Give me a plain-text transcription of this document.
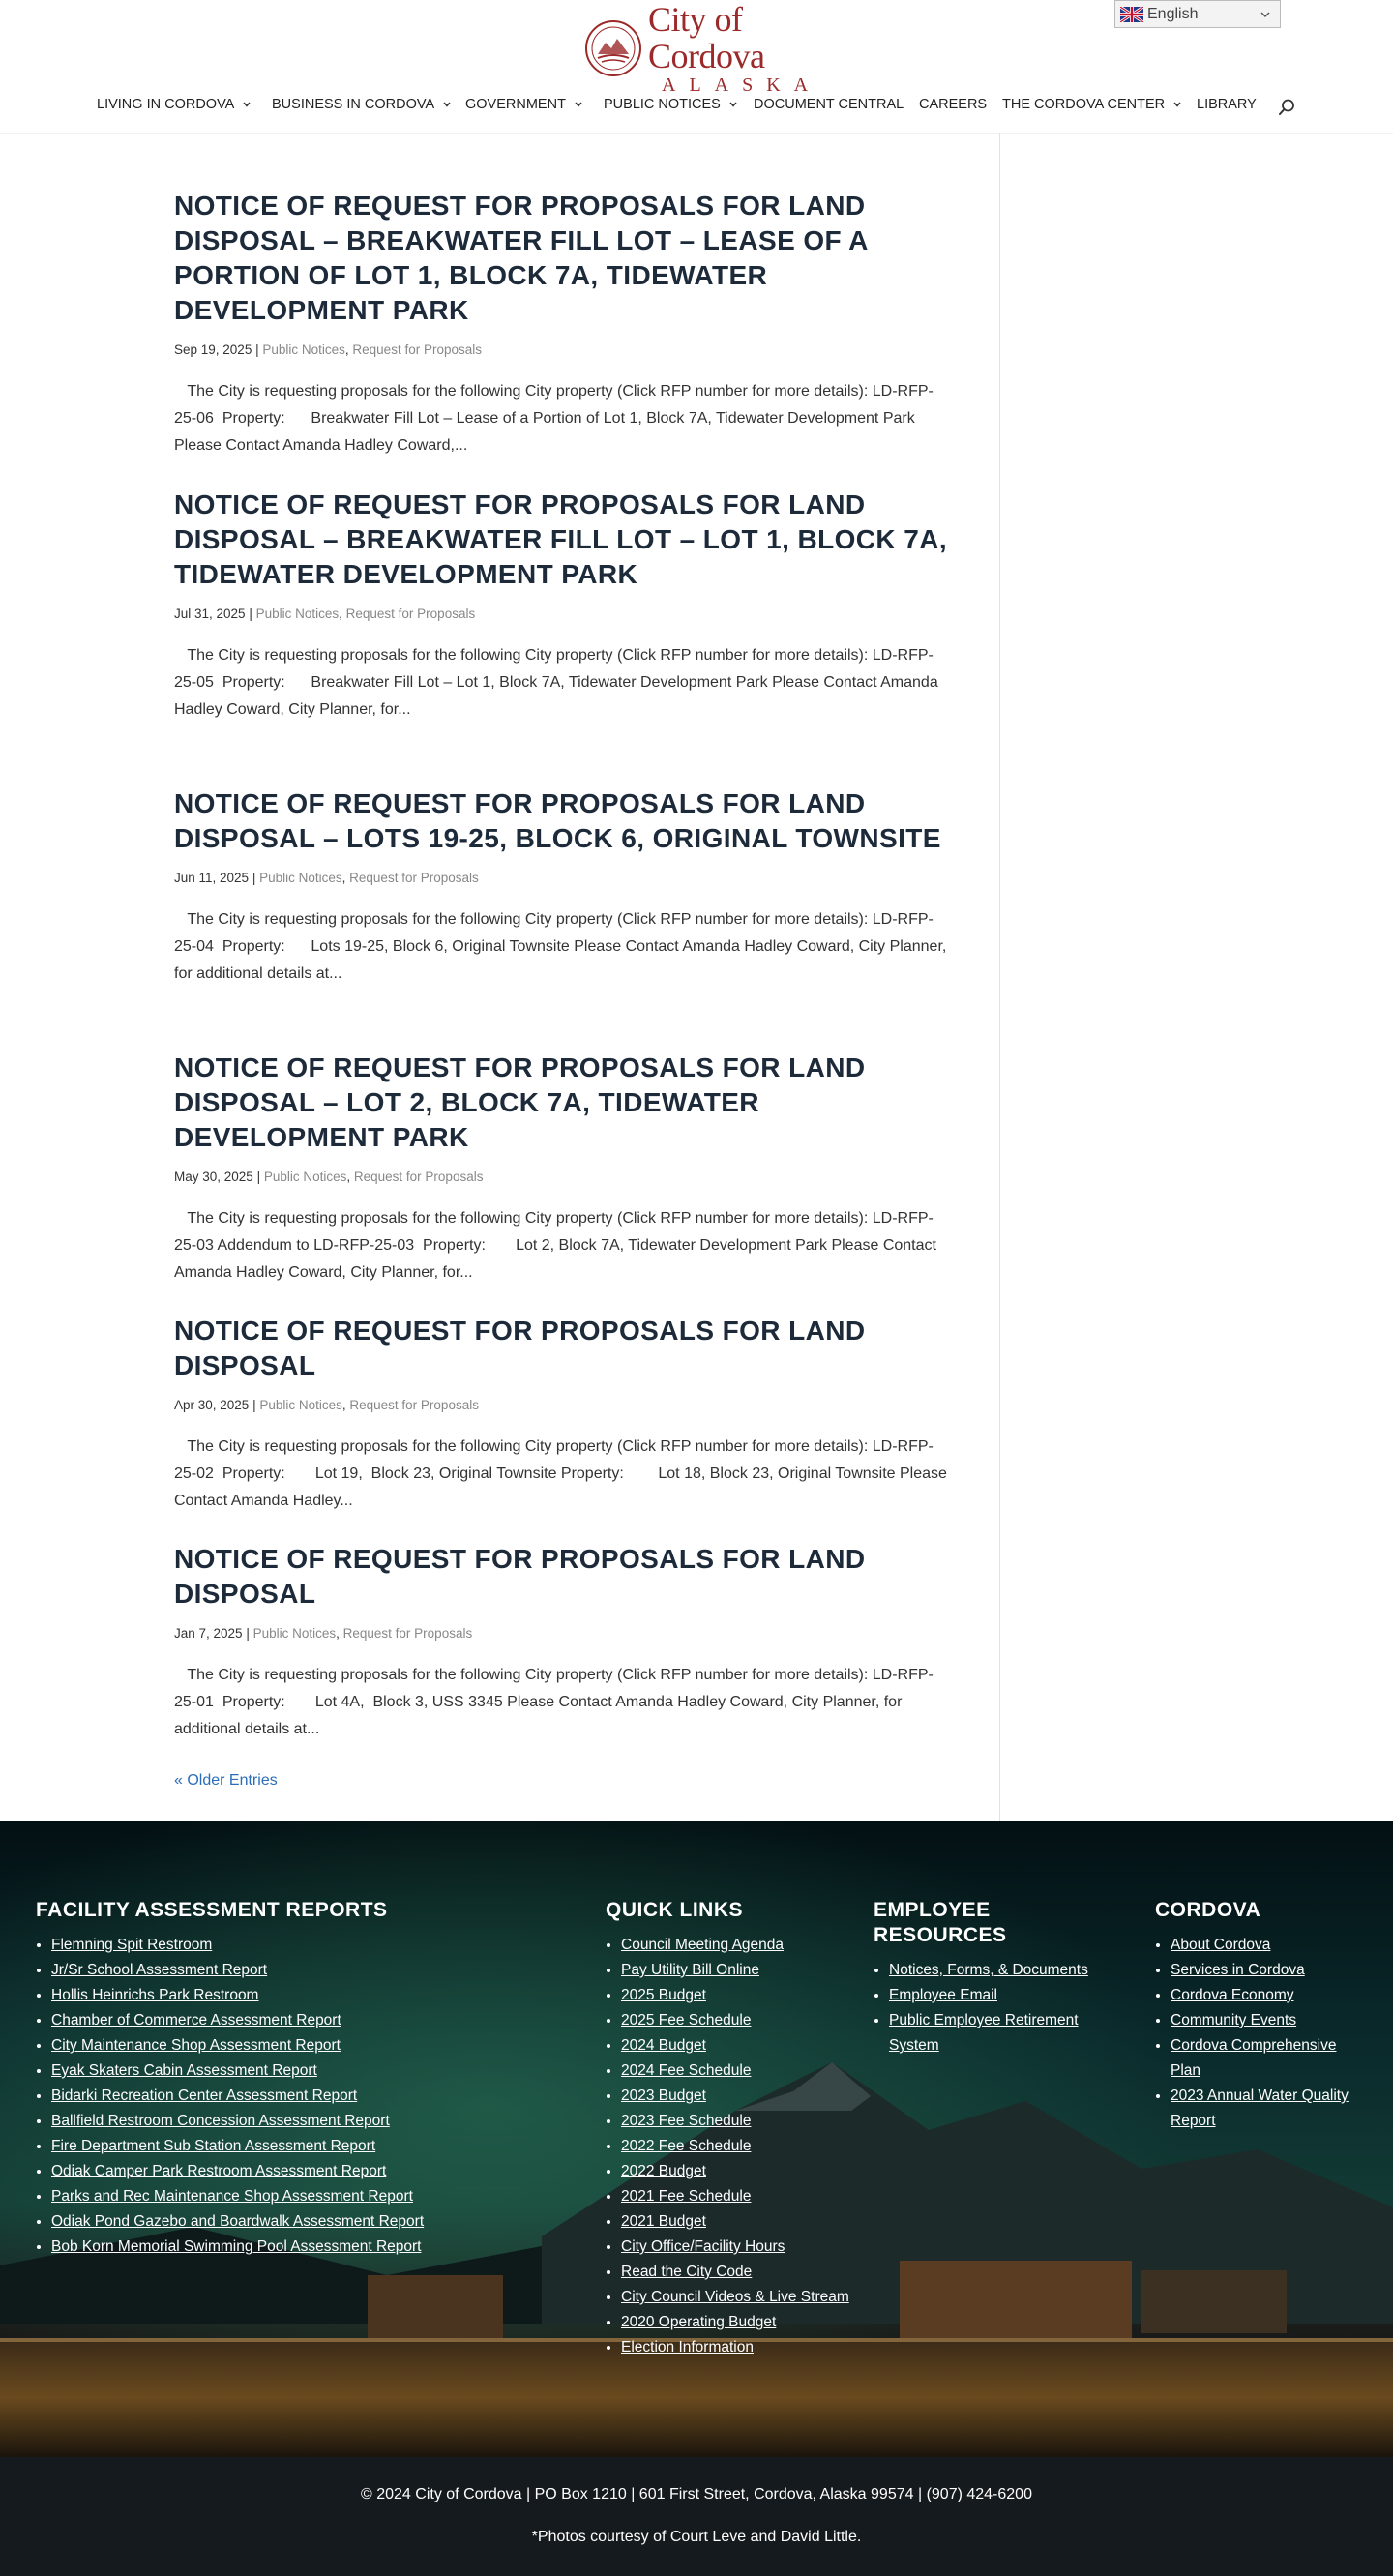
City of Cordova
ALASKA
English
LIVING IN CORDOVA	BUSINESS IN CORDOVA GOVERNMENT	PUBLIC NOTICES DOCUMENT CENTRAL CAREERS THE CORDOVA CENTER LIBRARY
NOTICE OF REQUEST FOR PROPOSALS FOR LAND DISPOSAL – BREAKWATER FILL LOT – LEASE OF A PORTION OF LOT 1, BLOCK 7A, TIDEWATER DEVELOPMENT PARK
Sep 19, 2025 | Public Notices, Request for Proposals
The City is requesting proposals for the following City property (Click RFP number for more details): LD-RFP-25-06  Property:      Breakwater Fill Lot – Lease of a Portion of Lot 1, Block 7A, Tidewater Development Park Please Contact Amanda Hadley Coward,...
NOTICE OF REQUEST FOR PROPOSALS FOR LAND DISPOSAL – BREAKWATER FILL LOT – LOT 1, BLOCK 7A, TIDEWATER DEVELOPMENT PARK
Jul 31, 2025 | Public Notices, Request for Proposals
The City is requesting proposals for the following City property (Click RFP number for more details): LD-RFP-25-05  Property:      Breakwater Fill Lot – Lot 1, Block 7A, Tidewater Development Park Please Contact Amanda Hadley Coward, City Planner, for...
NOTICE OF REQUEST FOR PROPOSALS FOR LAND DISPOSAL – LOTS 19-25, BLOCK 6, ORIGINAL TOWNSITE
Jun 11, 2025 | Public Notices, Request for Proposals
The City is requesting proposals for the following City property (Click RFP number for more details): LD-RFP-25-04  Property:      Lots 19-25, Block 6, Original Townsite Please Contact Amanda Hadley Coward, City Planner, for additional details at...
NOTICE OF REQUEST FOR PROPOSALS FOR LAND DISPOSAL – LOT 2, BLOCK 7A, TIDEWATER DEVELOPMENT PARK
May 30, 2025 | Public Notices, Request for Proposals
The City is requesting proposals for the following City property (Click RFP number for more details): LD-RFP-25-03 Addendum to LD-RFP-25-03  Property:       Lot 2, Block 7A, Tidewater Development Park Please Contact Amanda Hadley Coward, City Planner, for...
NOTICE OF REQUEST FOR PROPOSALS FOR LAND DISPOSAL
Apr 30, 2025 | Public Notices, Request for Proposals
The City is requesting proposals for the following City property (Click RFP number for more details): LD-RFP-25-02  Property:       Lot 19,  Block 23, Original Townsite Property:        Lot 18, Block 23, Original Townsite Please Contact Amanda Hadley...
NOTICE OF REQUEST FOR PROPOSALS FOR LAND DISPOSAL
Jan 7, 2025 | Public Notices, Request for Proposals
The City is requesting proposals for the following City property (Click RFP number for more details): LD-RFP-25-01  Property:       Lot 4A,  Block 3, USS 3345 Please Contact Amanda Hadley Coward, City Planner, for additional details at...
« Older Entries
FACILITY ASSESSMENT REPORTS
• Flemning Spit Restroom
• Jr/Sr School Assessment Report
• Hollis Heinrichs Park Restroom
• Chamber of Commerce Assessment Report
• City Maintenance Shop Assessment Report
• Eyak Skaters Cabin Assessment Report
• Bidarki Recreation Center Assessment Report
• Ballfield Restroom Concession Assessment Report
• Fire Department Sub Station Assessment Report
• Odiak Camper Park Restroom Assessment Report
• Parks and Rec Maintenance Shop Assessment Report
• Odiak Pond Gazebo and Boardwalk Assessment Report
• Bob Korn Memorial Swimming Pool Assessment Report
QUICK LINKS
• Council Meeting Agenda
• Pay Utility Bill Online
• 2025 Budget
• 2025 Fee Schedule
• 2024 Budget
• 2024 Fee Schedule
• 2023 Budget
• 2023 Fee Schedule
• 2022 Fee Schedule
• 2022 Budget
• 2021 Fee Schedule
• 2021 Budget
• City Office/Facility Hours
• Read the City Code
• City Council Videos & Live Stream
• 2020 Operating Budget
• Election Information
EMPLOYEE RESOURCES
• Notices, Forms, & Documents
• Employee Email
• Public Employee Retirement System
CORDOVA
• About Cordova
• Services in Cordova
• Cordova Economy
• Community Events
• Cordova Comprehensive Plan
• 2023 Annual Water Quality Report
© 2024 City of Cordova | PO Box 1210 | 601 First Street, Cordova, Alaska 99574 | (907) 424-6200
*Photos courtesy of Court Leve and David Little.
